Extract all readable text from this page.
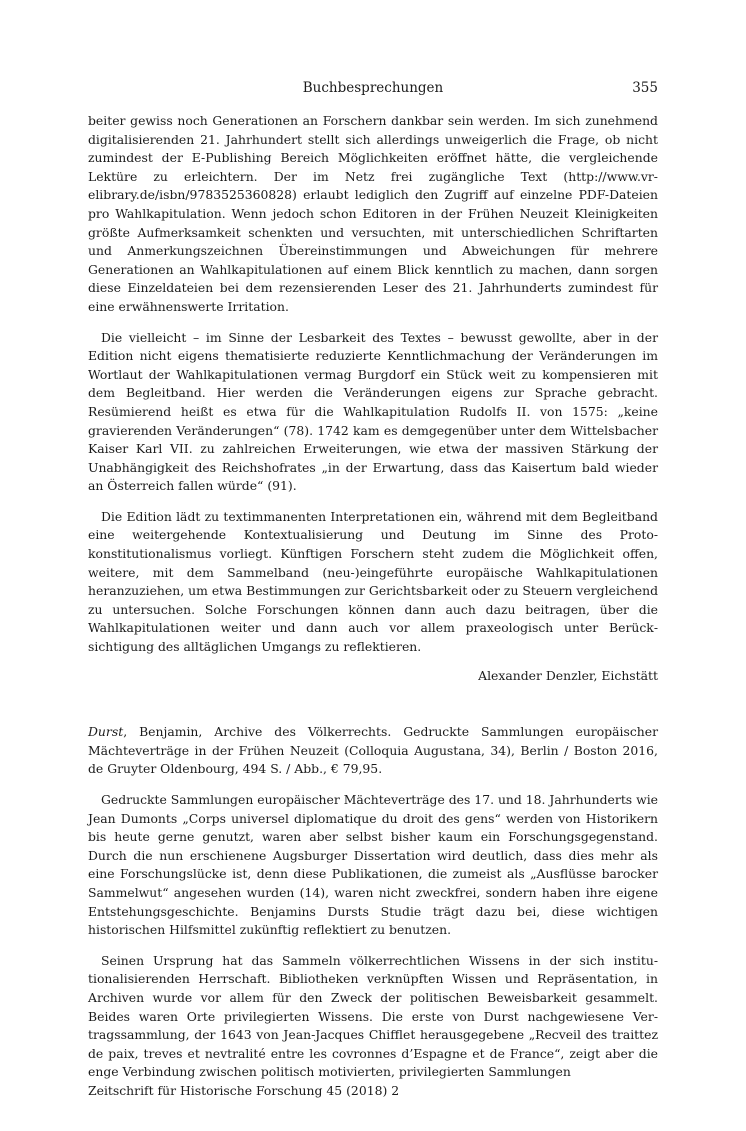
Buchbesprechungen	355

beiter gewiss noch Generationen an Forschern dankbar sein werden. Im sich zunehmend digitalisierenden 21. Jahrhundert stellt sich allerdings unweigerlich die Frage, ob nicht zumindest der E-Publishing Bereich Möglichkeiten eröffnet hätte, die vergleichende Lektüre zu erleichtern. Der im Netz frei zugängliche Text (http://www.vr-elibrary.de/isbn/9783525360828) erlaubt lediglich den Zugriff auf einzelne PDF-Dateien pro Wahlkapitulation. Wenn jedoch schon Editoren in der Frühen Neuzeit Kleinigkeiten größte Aufmerksamkeit schenkten und versuchten, mit unterschiedlichen Schriftarten und Anmerkungszeichnen Übereinstimmungen und Abweichungen für mehrere Generationen an Wahlkapitulationen auf einem Blick kenntlich zu machen, dann sorgen diese Einzeldateien bei dem rezensierenden Leser des 21. Jahrhunderts zumindest für eine erwähnenswerte Irritation.

Die vielleicht – im Sinne der Lesbarkeit des Textes – bewusst gewollte, aber in der Edition nicht eigens thematisierte reduzierte Kenntlichmachung der Veränderungen im Wortlaut der Wahlkapitulationen vermag Burgdorf ein Stück weit zu kompensieren mit dem Begleitband. Hier werden die Veränderungen eigens zur Sprache gebracht. Resümierend heißt es etwa für die Wahlkapitulation Rudolfs II. von 1575: „keine gravierenden Veränderungen“ (78). 1742 kam es demgegenüber unter dem Wittelsbacher Kaiser Karl VII. zu zahlreichen Erweiterungen, wie etwa der massiven Stärkung der Unabhängigkeit des Reichshofrates „in der Erwartung, dass das Kaisertum bald wieder an Österreich fallen würde“ (91).

Die Edition lädt zu textimmanenten Interpretationen ein, während mit dem Begleitband eine weitergehende Kontextualisierung und Deutung im Sinne des Protokonstitutionalismus vorliegt. Künftigen Forschern steht zudem die Möglichkeit offen, weitere, mit dem Sammelband (neu-)eingeführte europäische Wahlkapitulationen heranzuziehen, um etwa Bestimmungen zur Gerichtsbarkeit oder zu Steuern vergleichend zu untersuchen. Solche Forschungen können dann auch dazu beitragen, über die Wahlkapitulationen weiter und dann auch vor allem praxeologisch unter Berücksichtigung des alltäglichen Umgangs zu reflektieren.

Alexander Denzler, Eichstätt

Durst, Benjamin, Archive des Völkerrechts. Gedruckte Sammlungen europäischer Mächteverträge in der Frühen Neuzeit (Colloquia Augustana, 34), Berlin / Boston 2016, de Gruyter Oldenbourg, 494 S. / Abb., € 79,95.

Gedruckte Sammlungen europäischer Mächteverträge des 17. und 18. Jahrhunderts wie Jean Dumonts „Corps universel diplomatique du droit des gens“ werden von Historikern bis heute gerne genutzt, waren aber selbst bisher kaum ein Forschungsgegenstand. Durch die nun erschienene Augsburger Dissertation wird deutlich, dass dies mehr als eine Forschungslücke ist, denn diese Publikationen, die zumeist als „Ausflüsse barocker Sammelwut“ angesehen wurden (14), waren nicht zweckfrei, sondern haben ihre eigene Entstehungsgeschichte. Benjamins Dursts Studie trägt dazu bei, diese wichtigen historischen Hilfsmittel zukünftig reflektiert zu benutzen.

Seinen Ursprung hat das Sammeln völkerrechtlichen Wissens in der sich institutionalisierenden Herrschaft. Bibliotheken verknüpften Wissen und Repräsentation, in Archiven wurde vor allem für den Zweck der politischen Beweisbarkeit gesammelt. Beides waren Orte privilegierten Wissens. Die erste von Durst nachgewiesene Vertragssammlung, der 1643 von Jean-Jacques Chifflet herausgegebene „Recveil des traittez de paix, treves et nevtralité entre les covronnes d’Espagne et de France“, zeigt aber die enge Verbindung zwischen politisch motivierten, privilegierten Sammlungen

Zeitschrift für Historische Forschung 45 (2018) 2
